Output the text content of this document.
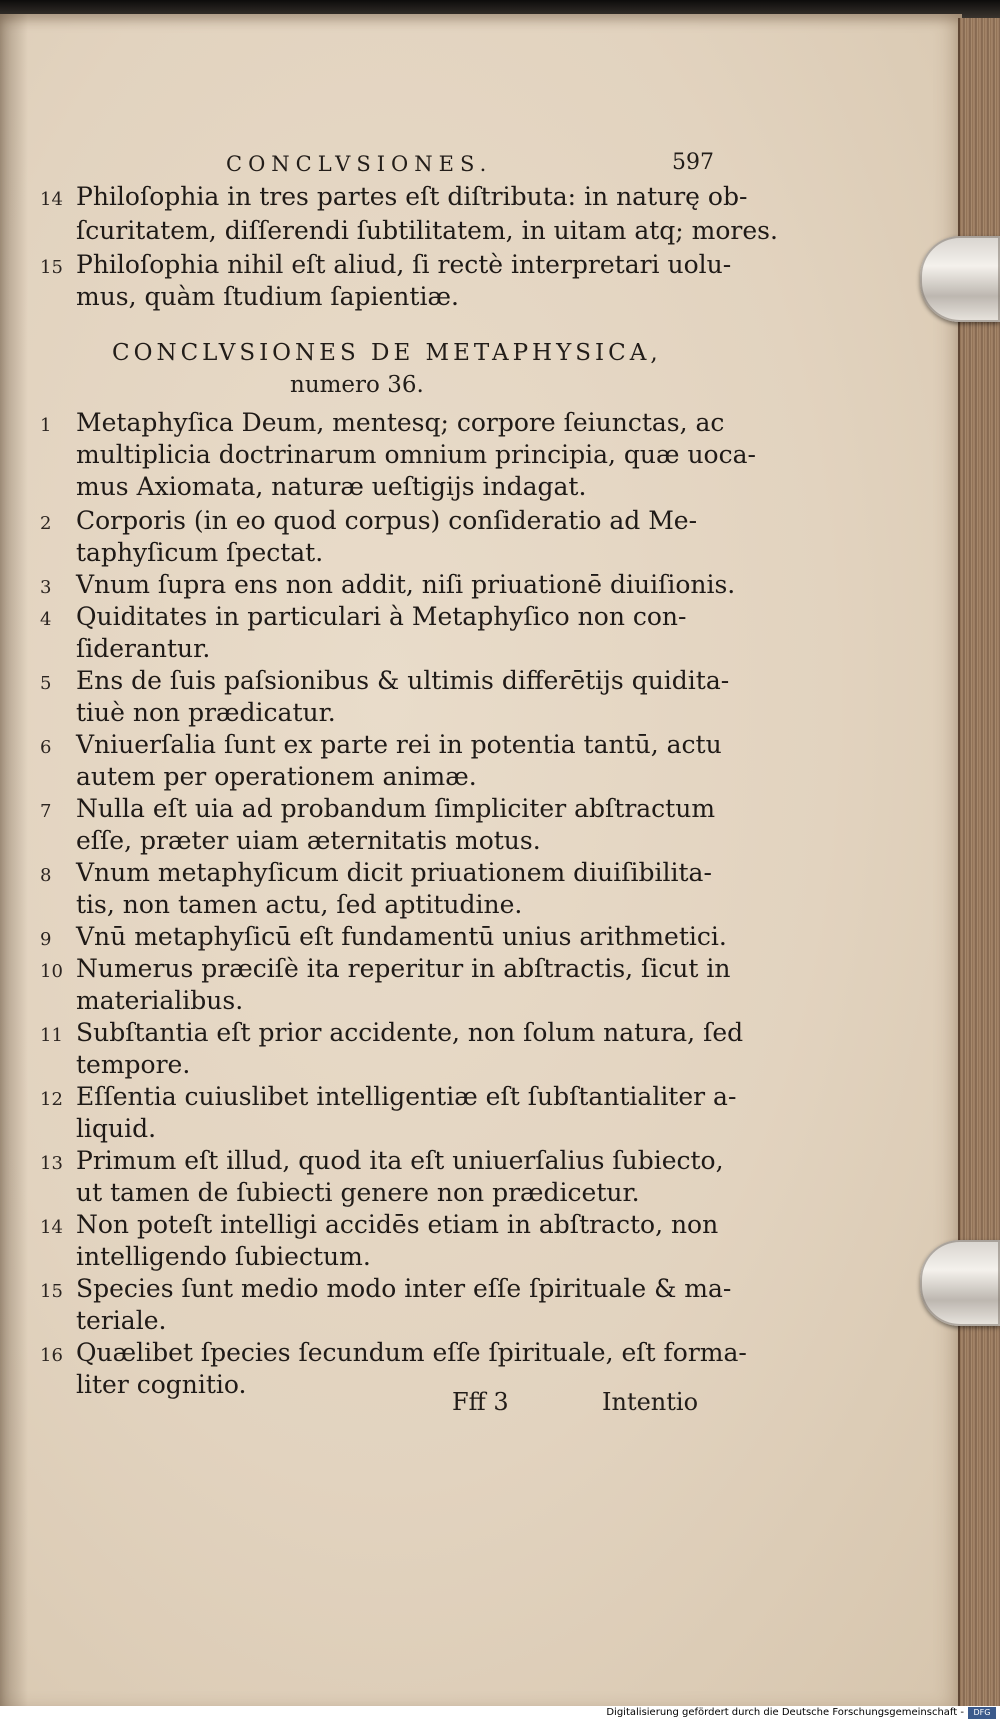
CONCLVSIONES.	597
14 Philoſophia in tres partes eſt diſtributa: in naturę ob-
ſcuritatem, diſſerendi ſubtilitatem, in uitam atq; mores.
15 Philoſophia nihil eſt aliud, ſi rectè interpretari uolu-
mus, quàm ſtudium ſapientiæ.
CONCLVSIONES DE METAPHYSICA,
numero 36.
1 Metaphyſica Deum, mentesq; corpore ſeiunctas, ac
multiplicia doctrinarum omnium principia, quæ uoca-
mus Axiomata, naturæ ueſtigijs indagat.
2 Corporis (in eo quod corpus) conſideratio ad Me-
taphyſicum ſpectat.
3 Vnum ſupra ens non addit, niſi priuationē diuiſionis.
4 Quiditates in particulari à Metaphyſico non con-
ſiderantur.
5 Ens de ſuis paſsionibus & ultimis differētijs quidita-
tiuè non prædicatur.
6 Vniuerſalia ſunt ex parte rei in potentia tantū, actu
autem per operationem animæ.
7 Nulla eſt uia ad probandum ſimpliciter abſtractum
eſſe, præter uiam æternitatis motus.
8 Vnum metaphyſicum dicit priuationem diuiſibilita-
tis, non tamen actu, ſed aptitudine.
9 Vnū metaphyſicū eſt fundamentū unius arithmetici.
10 Numerus præciſè ita reperitur in abſtractis, ſicut in
materialibus.
11 Subſtantia eſt prior accidente, non ſolum natura, ſed
tempore.
12 Eſſentia cuiuslibet intelligentiæ eſt ſubſtantialiter a-
liquid.
13 Primum eſt illud, quod ita eſt uniuerſalius ſubiecto,
ut tamen de ſubiecti genere non prædicetur.
14 Non poteſt intelligi accidēs etiam in abſtracto, non
intelligendo ſubiectum.
15 Species ſunt medio modo inter eſſe ſpirituale & ma-
teriale.
16 Quælibet ſpecies ſecundum eſſe ſpirituale, eſt forma-
liter cognitio.
Fff 3	Intentio
Digitalisierung gefördert durch die Deutsche Forschungsgemeinschaft -	DFG
